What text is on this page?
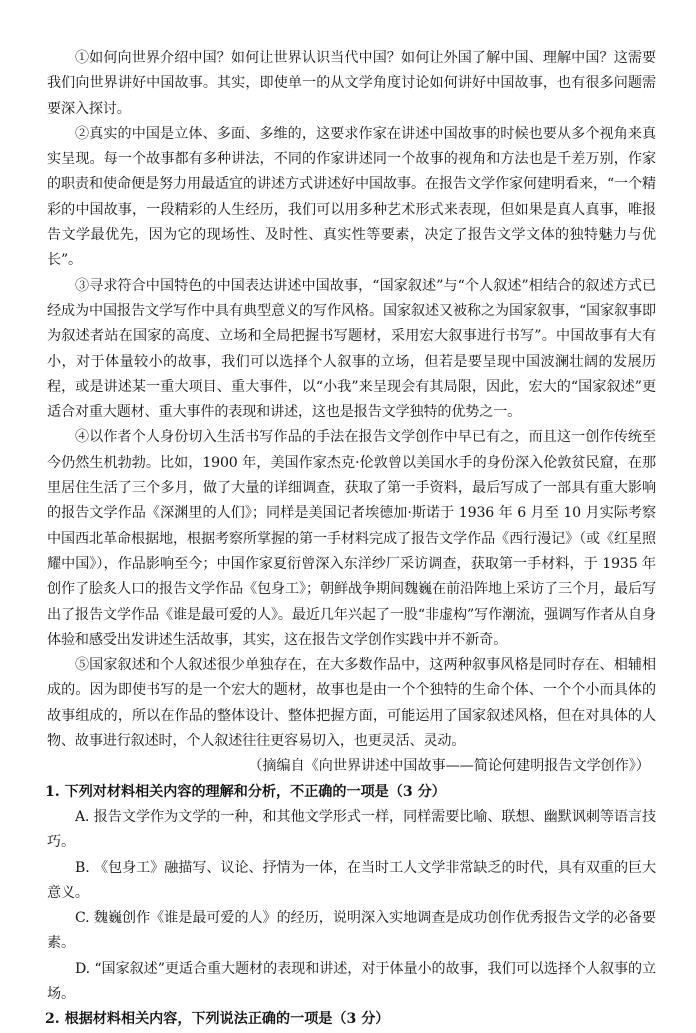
①如何向世界介绍中国？如何让世界认识当代中国？如何让外国了解中国、理解中国？这需要我们向世界讲好中国故事。其实，即使单一的从文学角度讨论如何讲好中国故事，也有很多问题需要深入探讨。

②真实的中国是立体、多面、多维的，这要求作家在讲述中国故事的时候也要从多个视角来真实呈现。每一个故事都有多种讲法，不同的作家讲述同一个故事的视角和方法也是千差万别，作家的职责和使命便是努力用最适宜的讲述方式讲述好中国故事。在报告文学作家何建明看来，“一个精彩的中国故事，一段精彩的人生经历，我们可以用多种艺术形式来表现，但如果是真人真事，唯报告文学最优先，因为它的现场性、及时性、真实性等要素，决定了报告文学文体的独特魅力与优长”。

③寻求符合中国特色的中国表达讲述中国故事，“国家叙述”与“个人叙述”相结合的叙述方式已经成为中国报告文学写作中具有典型意义的写作风格。国家叙述又被称之为国家叙事，“国家叙事即为叙述者站在国家的高度、立场和全局把握书写题材，采用宏大叙事进行书写”。中国故事有大有小，对于体量较小的故事，我们可以选择个人叙事的立场，但若是要呈现中国波澜壮阔的发展历程，或是讲述某一重大项目、重大事件，以“小我”来呈现会有其局限，因此，宏大的“国家叙述”更适合对重大题材、重大事件的表现和讲述，这也是报告文学独特的优势之一。

④以作者个人身份切入生活书写作品的手法在报告文学创作中早已有之，而且这一创作传统至今仍然生机勃勃。比如，1900 年，美国作家杰克·伦敦曾以美国水手的身份深入伦敦贫民窟，在那里居住生活了三个多月，做了大量的详细调查，获取了第一手资料，最后写成了一部具有重大影响的报告文学作品《深渊里的人们》；同样是美国记者埃德加·斯诺于 1936 年 6 月至 10 月实际考察中国西北革命根据地，根据考察所掌握的第一手材料完成了报告文学作品《西行漫记》（或《红星照耀中国》），作品影响至今；中国作家夏衍曾深入东洋纱厂采访调查，获取第一手材料，于 1935 年创作了脍炙人口的报告文学作品《包身工》；朝鲜战争期间魏巍在前沿阵地上采访了三个月，最后写出了报告文学作品《谁是最可爱的人》。最近几年兴起了一股“非虚构”写作潮流，强调写作者从自身体验和感受出发讲述生活故事，其实，这在报告文学创作实践中并不新奇。

⑤国家叙述和个人叙述很少单独存在，在大多数作品中，这两种叙事风格是同时存在、相辅相成的。因为即使书写的是一个宏大的题材，故事也是由一个个独特的生命个体、一个个小而具体的故事组成的，所以在作品的整体设计、整体把握方面，可能运用了国家叙述风格，但在对具体的人物、故事进行叙述时，个人叙述往往更容易切入，也更灵活、灵动。

（摘编自《向世界讲述中国故事——简论何建明报告文学创作》）

1. 下列对材料相关内容的理解和分析，不正确的一项是（3 分）

A. 报告文学作为文学的一种，和其他文学形式一样，同样需要比喻、联想、幽默讽刺等语言技巧。

B. 《包身工》融描写、议论、抒情为一体，在当时工人文学非常缺乏的时代，具有双重的巨大意义。

C. 魏巍创作《谁是最可爱的人》的经历，说明深入实地调查是成功创作优秀报告文学的必备要素。

D. “国家叙述”更适合重大题材的表现和讲述，对于体量小的故事，我们可以选择个人叙事的立场。

2. 根据材料相关内容，下列说法正确的一项是（3 分）
